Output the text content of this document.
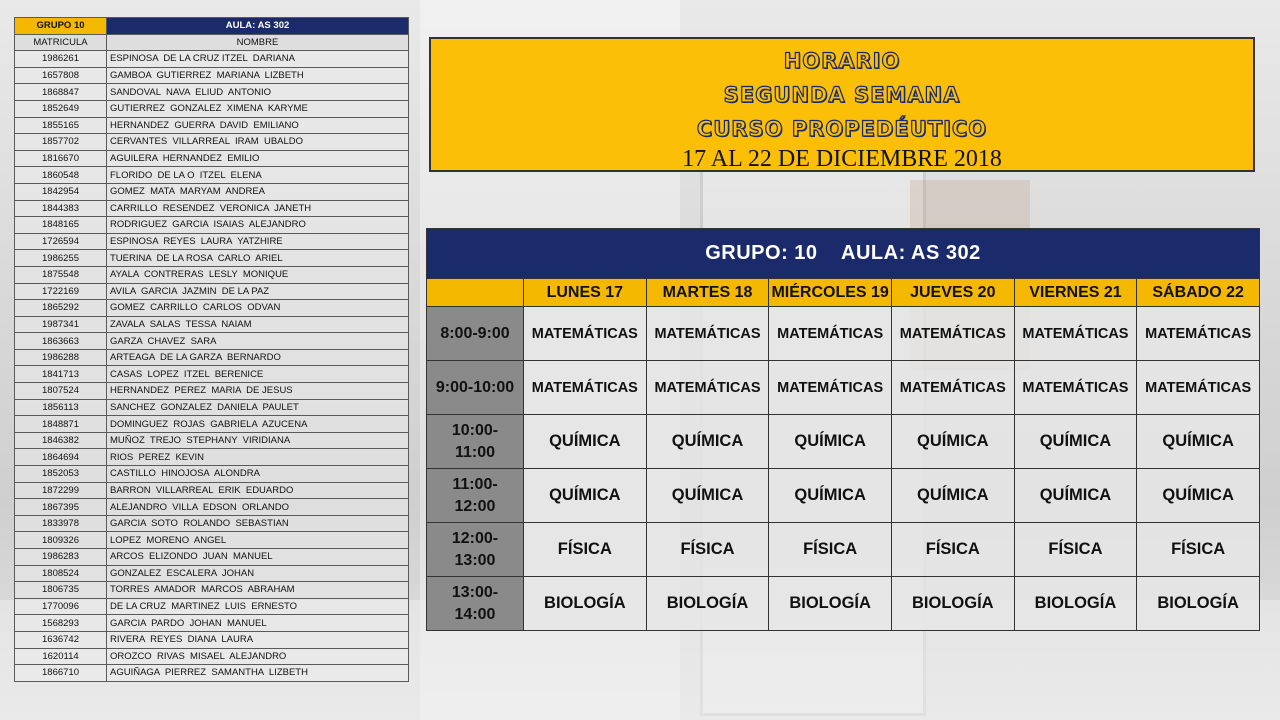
GRUPO 10	AULA: AS 302
MATRICULA	NOMBRE
1986261	ESPINOSA  DE LA CRUZ ITZEL  DARIANA
1657808	GAMBOA  GUTIERREZ  MARIANA  LIZBETH
1868847	SANDOVAL  NAVA  ELIUD  ANTONIO
1852649	GUTIERREZ  GONZALEZ  XIMENA  KARYME
1855165	HERNANDEZ  GUERRA  DAVID  EMILIANO
1857702	CERVANTES  VILLARREAL  IRAM  UBALDO
1816670	AGUILERA  HERNANDEZ  EMILIO
1860548	FLORIDO  DE LA O  ITZEL  ELENA
1842954	GOMEZ  MATA  MARYAM  ANDREA
1844383	CARRILLO  RESENDEZ  VERONICA  JANETH
1848165	RODRIGUEZ  GARCIA  ISAIAS  ALEJANDRO
1726594	ESPINOSA  REYES  LAURA  YATZHIRE
1986255	TUERINA  DE LA ROSA  CARLO  ARIEL
1875548	AYALA  CONTRERAS  LESLY  MONIQUE
1722169	AVILA  GARCIA  JAZMIN  DE LA PAZ
1865292	GOMEZ  CARRILLO  CARLOS  ODVAN
1987341	ZAVALA  SALAS  TESSA  NAIAM
1863663	GARZA  CHAVEZ  SARA
1986288	ARTEAGA  DE LA GARZA  BERNARDO
1841713	CASAS  LOPEZ  ITZEL  BERENICE
1807524	HERNANDEZ  PEREZ  MARIA  DE JESUS
1856113	SANCHEZ  GONZALEZ  DANIELA  PAULET
1848871	DOMINGUEZ  ROJAS  GABRIELA  AZUCENA
1846382	MUÑOZ  TREJO  STEPHANY  VIRIDIANA
1864694	RIOS  PEREZ  KEVIN
1852053	CASTILLO  HINOJOSA  ALONDRA
1872299	BARRON  VILLARREAL  ERIK  EDUARDO
1867395	ALEJANDRO  VILLA  EDSON  ORLANDO
1833978	GARCIA  SOTO  ROLANDO  SEBASTIAN
1809326	LOPEZ  MORENO  ANGEL
1986283	ARCOS  ELIZONDO  JUAN  MANUEL
1808524	GONZALEZ  ESCALERA  JOHAN
1806735	TORRES  AMADOR  MARCOS  ABRAHAM
1770096	DE LA CRUZ  MARTINEZ  LUIS  ERNESTO
1568293	GARCIA  PARDO  JOHAN  MANUEL
1636742	RIVERA  REYES  DIANA  LAURA
1620114	OROZCO  RIVAS  MISAEL  ALEJANDRO
1866710	AGUIÑAGA  PIERREZ  SAMANTHA  LIZBETH
HORARIO
SEGUNDA SEMANA
CURSO PROPEDÉUTICO
17 AL 22 DE DICIEMBRE 2018
GRUPO: 10    AULA: AS 302						
	LUNES 17	MARTES 18	MIÉRCOLES 19	JUEVES 20	VIERNES 21	SÁBADO 22
8:00-9:00	MATEMÁTICAS	MATEMÁTICAS	MATEMÁTICAS	MATEMÁTICAS	MATEMÁTICAS	MATEMÁTICAS
9:00-10:00	MATEMÁTICAS	MATEMÁTICAS	MATEMÁTICAS	MATEMÁTICAS	MATEMÁTICAS	MATEMÁTICAS
10:00-
11:00	QUÍMICA	QUÍMICA	QUÍMICA	QUÍMICA	QUÍMICA	QUÍMICA
11:00-
12:00	QUÍMICA	QUÍMICA	QUÍMICA	QUÍMICA	QUÍMICA	QUÍMICA
12:00-
13:00	FÍSICA	FÍSICA	FÍSICA	FÍSICA	FÍSICA	FÍSICA
13:00-
14:00	BIOLOGÍA	BIOLOGÍA	BIOLOGÍA	BIOLOGÍA	BIOLOGÍA	BIOLOGÍA
